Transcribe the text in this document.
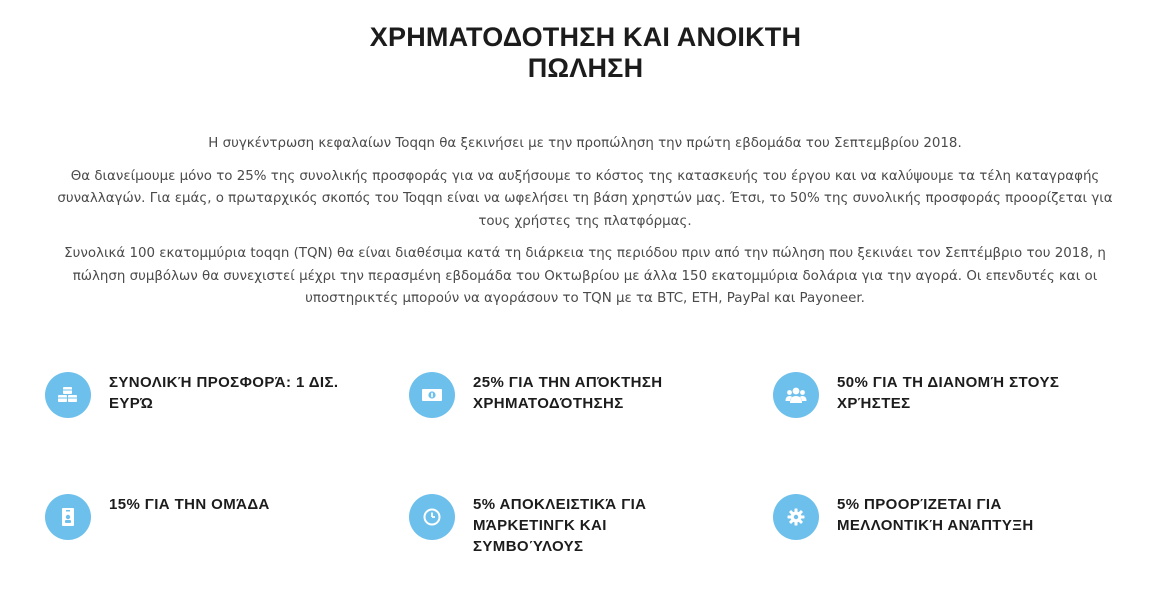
ΧΡΗΜΑΤΟΔΟΤΗΣΗ ΚΑΙ ΑΝΟΙΚΤΗ
ΠΩΛΗΣΗ

Η συγκέντρωση κεφαλαίων Toqqn θα ξεκινήσει με την προπώληση την πρώτη εβδομάδα του Σεπτεμβρίου 2018.

Θα διανείμουμε μόνο το 25% της συνολικής προσφοράς για να αυξήσουμε το κόστος της κατασκευής του έργου και να καλύψουμε τα τέλη καταγραφής συναλλαγών. Για εμάς, ο πρωταρχικός σκοπός του Toqqn είναι να ωφελήσει τη βάση χρηστών μας. Έτσι, το 50% της συνολικής προσφοράς προορίζεται για τους χρήστες της πλατφόρμας.

Συνολικά 100 εκατομμύρια toqqn (TQN) θα είναι διαθέσιμα κατά τη διάρκεια της περιόδου πριν από την πώληση που ξεκινάει τον Σεπτέμβριο του 2018, η πώληση συμβόλων θα συνεχιστεί μέχρι την περασμένη εβδομάδα του Οκτωβρίου με άλλα 150 εκατομμύρια δολάρια για την αγορά. Οι επενδυτές και οι υποστηρικτές μπορούν να αγοράσουν το TQN με τα BTC, ETH, PayPal και Payoneer.

ΣΥΝΟΛΙΚΉ ΠΡΟΣΦΟΡΆ: 1 ΔΙΣ.
ΕΥΡΏ
25% ΓΙΑ ΤΗΝ ΑΠΌΚΤΗΣΗ
ΧΡΗΜΑΤΟΔΌΤΗΣΗΣ
50% ΓΙΑ ΤΗ ΔΙΑΝΟΜΉ ΣΤΟΥΣ
ΧΡΉΣΤΕΣ
15% ΓΙΑ ΤΗΝ ΟΜΆΔΑ	5% ΑΠΟΚΛΕΙΣΤΙΚΆ ΓΙΑ
ΜΆΡΚΕΤΙΝΓΚ ΚΑΙ
ΣΥΜΒΟΎΛΟΥΣ
5% ΠΡΟΟΡΊΖΕΤΑΙ ΓΙΑ
ΜΕΛΛΟΝΤΙΚΉ ΑΝΆΠΤΥΞΗ
